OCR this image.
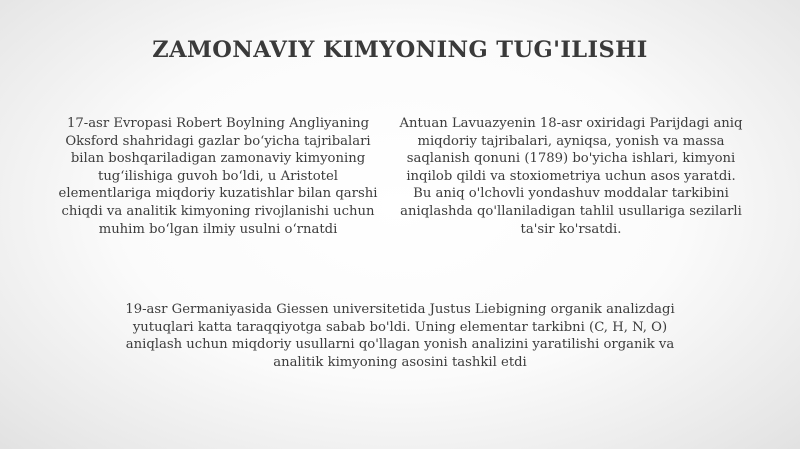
ZAMONAVIY KIMYONING TUG'ILISHI
17-asr Evropasi Robert Boylning Angliyaning Oksford shahridagi gazlar bo‘yicha tajribalari bilan boshqariladigan zamonaviy kimyoning tug‘ilishiga guvoh bo‘ldi, u Aristotel elementlariga miqdoriy kuzatishlar bilan qarshi chiqdi va analitik kimyoning rivojlanishi uchun muhim bo‘lgan ilmiy usulni o‘rnatdi
Antuan Lavuazyenin 18-asr oxiridagi Parijdagi aniq miqdoriy tajribalari, ayniqsa, yonish va massa saqlanish qonuni (1789) bo'yicha ishlari, kimyoni inqilob qildi va stoxiometriya uchun asos yaratdi. Bu aniq o'lchovli yondashuv moddalar tarkibini aniqlashda qo'llaniladigan tahlil usullariga sezilarli ta'sir ko'rsatdi.
19-asr Germaniyasida Giessen universitetida Justus Liebigning organik analizdagi yutuqlari katta taraqqiyotga sabab bo'ldi. Uning elementar tarkibni (C, H, N, O) aniqlash uchun miqdoriy usullarni qo'llagan yonish analizini yaratilishi organik va analitik kimyoning asosini tashkil etdi
